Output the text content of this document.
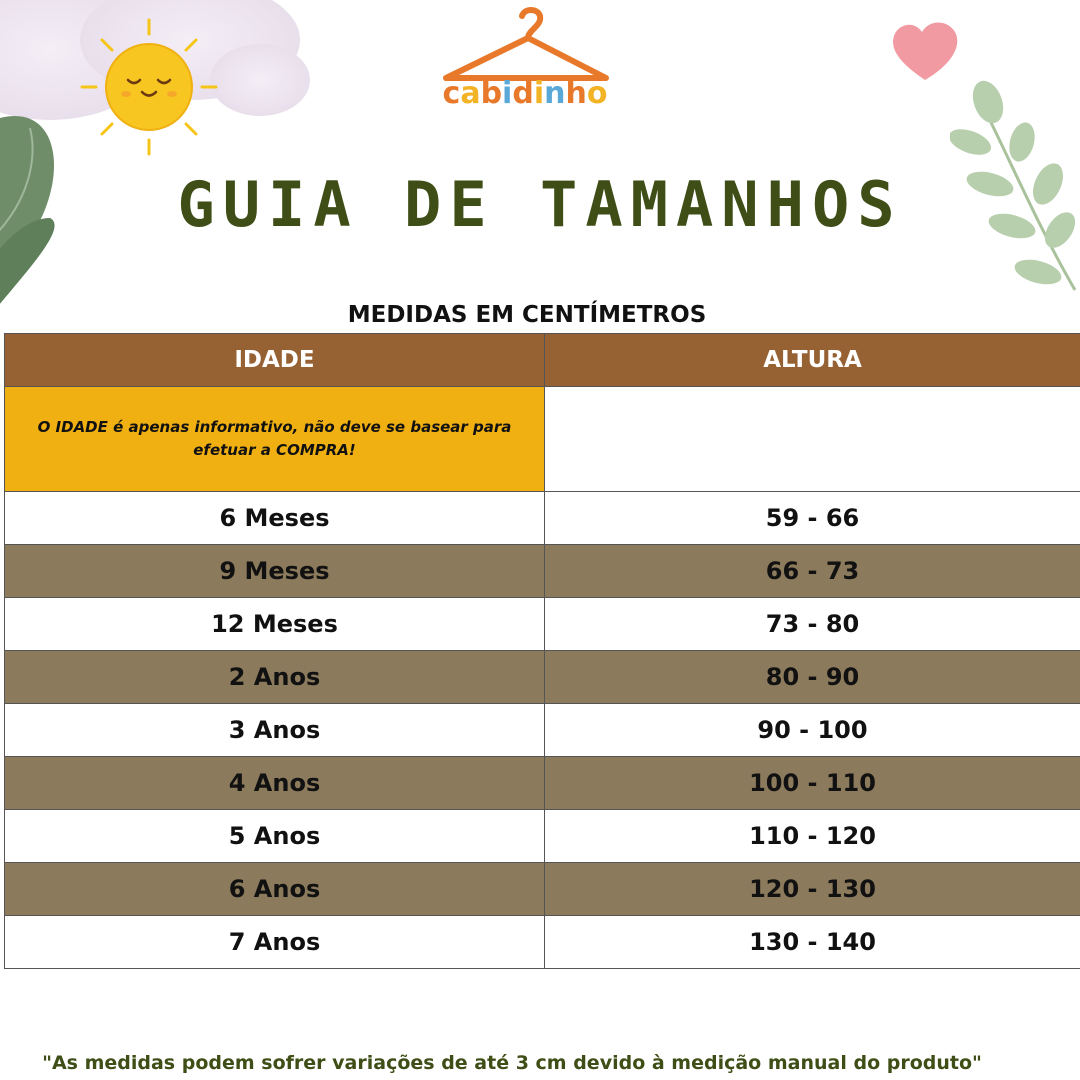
cabidinho
GUIA DE TAMANHOS
MEDIDAS EM CENTÍMETROS
IDADE	ALTURA
O IDADE é apenas informativo, não deve se basear para efetuar a COMPRA!	
6 Meses	59 - 66
9 Meses	66 - 73
12 Meses	73 - 80
2 Anos	80 - 90
3 Anos	90 - 100
4 Anos	100 - 110
5 Anos	110 - 120
6 Anos	120 - 130
7 Anos	130 - 140
"As medidas podem sofrer variações de até 3 cm devido à medição manual do produto"
